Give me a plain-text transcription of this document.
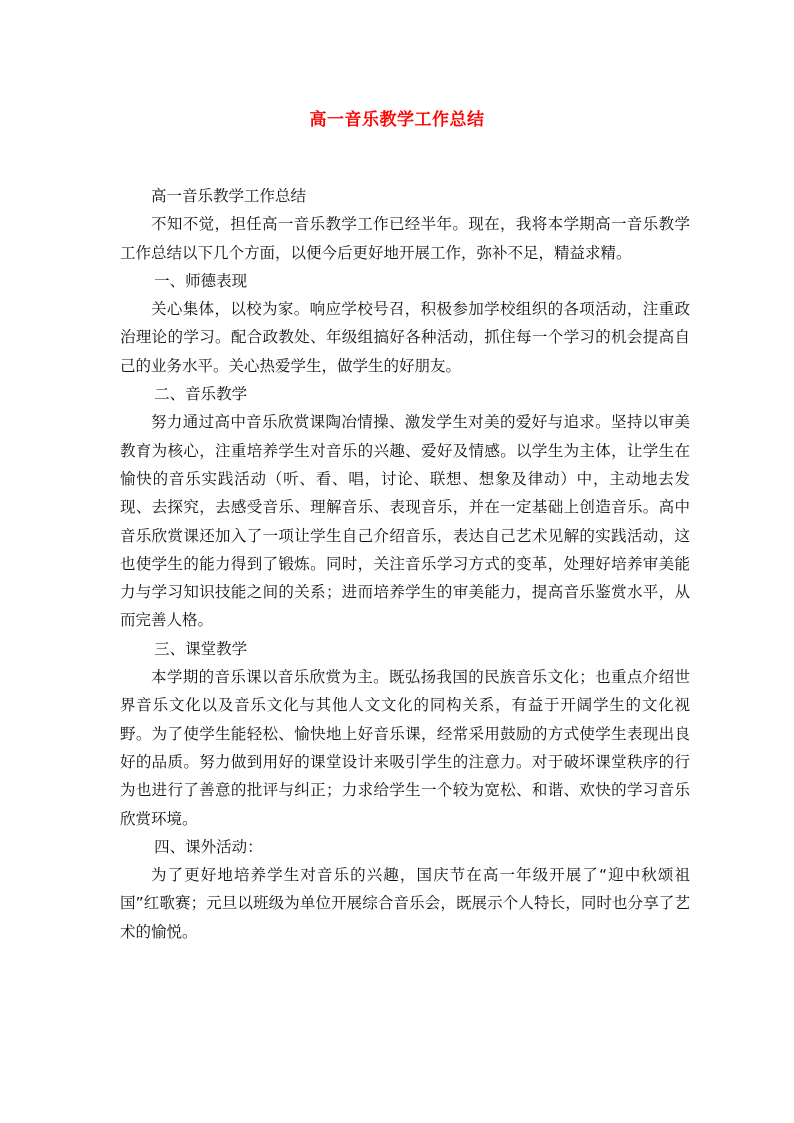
高一音乐教学工作总结

高一音乐教学工作总结

不知不觉，担任高一音乐教学工作已经半年。现在，我将本学期高一音乐教学工作总结以下几个方面，以便今后更好地开展工作，弥补不足，精益求精。

一、师德表现

关心集体，以校为家。响应学校号召，积极参加学校组织的各项活动，注重政治理论的学习。配合政教处、年级组搞好各种活动，抓住每一个学习的机会提高自己的业务水平。关心热爱学生，做学生的好朋友。

二、音乐教学

努力通过高中音乐欣赏课陶冶情操、激发学生对美的爱好与追求。坚持以审美教育为核心，注重培养学生对音乐的兴趣、爱好及情感。以学生为主体，让学生在愉快的音乐实践活动（听、看、唱，讨论、联想、想象及律动）中，主动地去发现、去探究，去感受音乐、理解音乐、表现音乐，并在一定基础上创造音乐。高中音乐欣赏课还加入了一项让学生自己介绍音乐，表达自己艺术见解的实践活动，这也使学生的能力得到了锻炼。同时，关注音乐学习方式的变革，处理好培养审美能力与学习知识技能之间的关系；进而培养学生的审美能力，提高音乐鉴赏水平，从而完善人格。

三、课堂教学

本学期的音乐课以音乐欣赏为主。既弘扬我国的民族音乐文化；也重点介绍世界音乐文化以及音乐文化与其他人文文化的同构关系，有益于开阔学生的文化视野。为了使学生能轻松、愉快地上好音乐课，经常采用鼓励的方式使学生表现出良好的品质。努力做到用好的课堂设计来吸引学生的注意力。对于破坏课堂秩序的行为也进行了善意的批评与纠正；力求给学生一个较为宽松、和谐、欢快的学习音乐欣赏环境。

四、课外活动：

为了更好地培养学生对音乐的兴趣，国庆节在高一年级开展了“迎中秋颂祖国”红歌赛；元旦以班级为单位开展综合音乐会，既展示个人特长，同时也分享了艺术的愉悦。
